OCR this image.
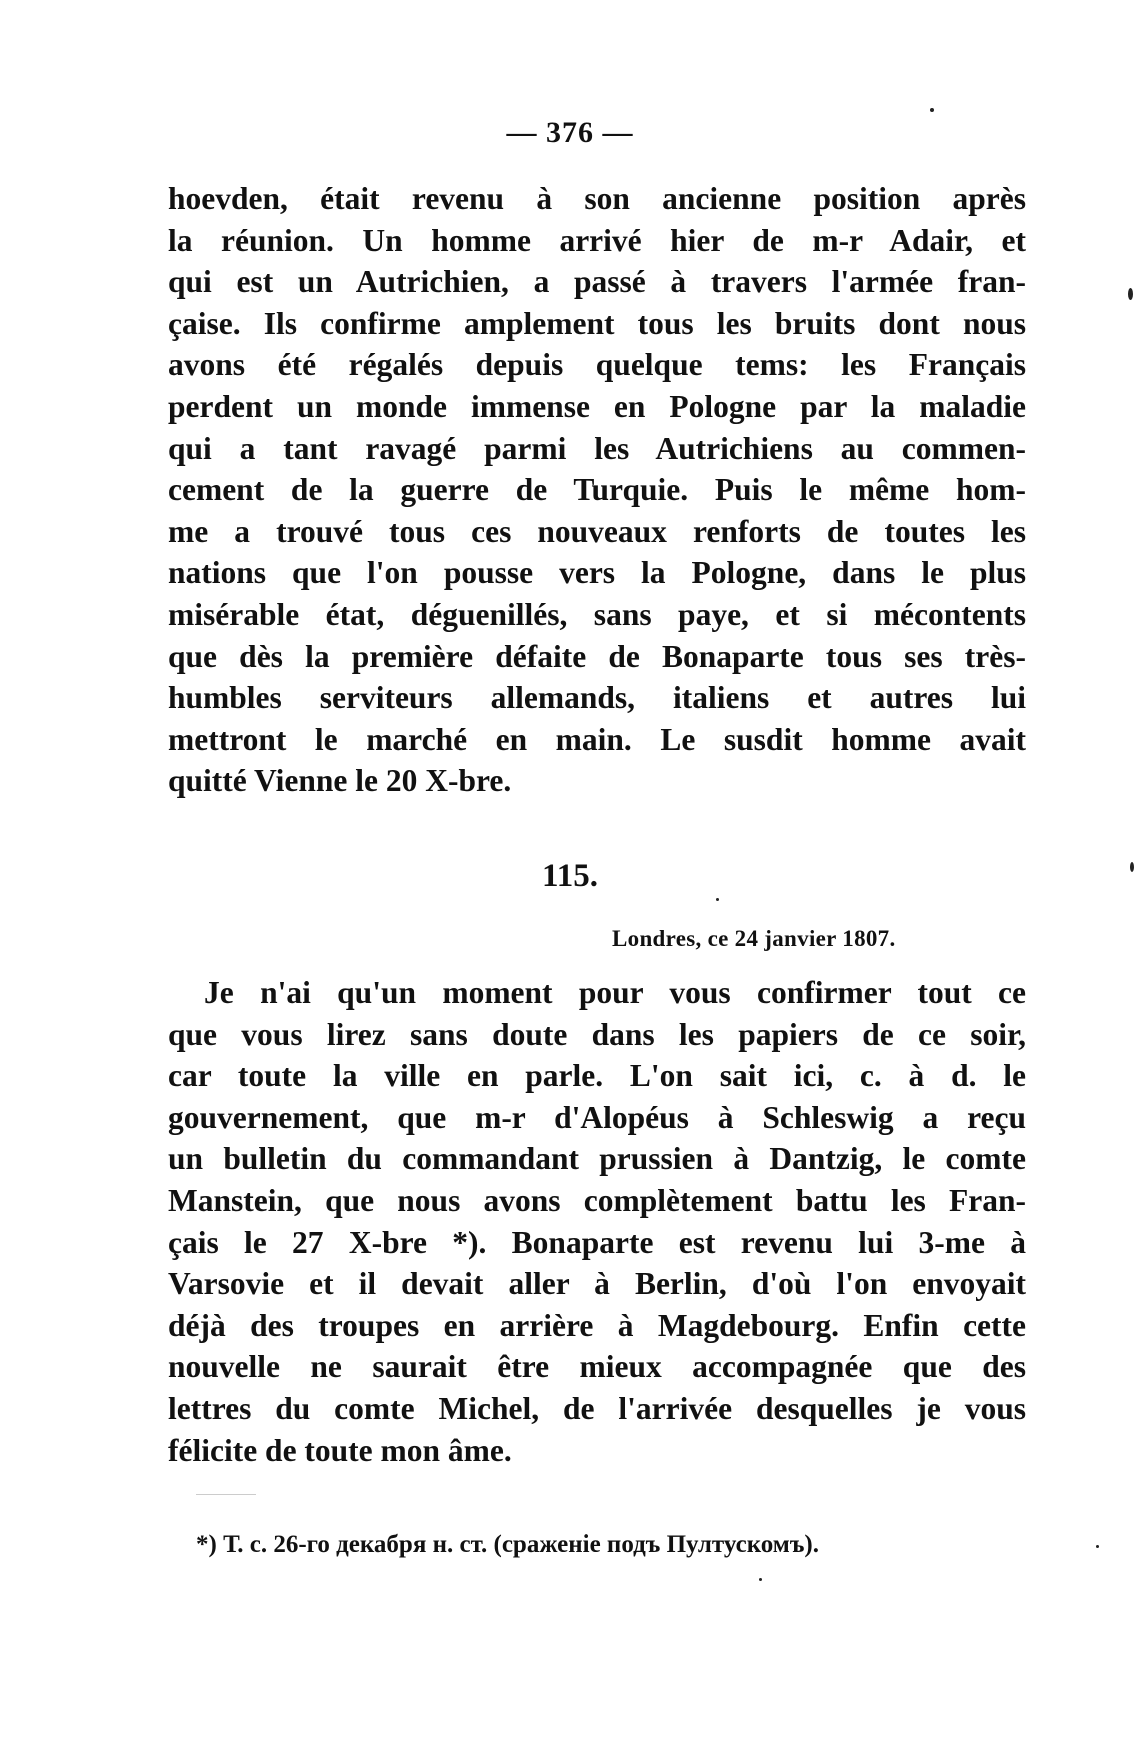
— 376 —
hoevden, était revenu à son ancienne position après
la réunion. Un homme arrivé hier de m-r Adair, et
qui est un Autrichien, a passé à travers l'armée fran-
çaise. Ils confirme amplement tous les bruits dont nous
avons été régalés depuis quelque tems: les Français
perdent un monde immense en Pologne par la maladie
qui a tant ravagé parmi les Autrichiens au commen-
cement de la guerre de Turquie. Puis le même hom-
me a trouvé tous ces nouveaux renforts de toutes les
nations que l'on pousse vers la Pologne, dans le plus
misérable état, déguenillés, sans paye, et si mécontents
que dès la première défaite de Bonaparte tous ses très-
humbles serviteurs allemands, italiens et autres lui
mettront le marché en main. Le susdit homme avait
quitté Vienne le 20 X-bre.
115.
Londres, ce 24 janvier 1807.
Je n'ai qu'un moment pour vous confirmer tout ce
que vous lirez sans doute dans les papiers de ce soir,
car toute la ville en parle. L'on sait ici, c. à d. le
gouvernement, que m-r d'Alopéus à Schleswig a reçu
un bulletin du commandant prussien à Dantzig, le comte
Manstein, que nous avons complètement battu les Fran-
çais le 27 X-bre *). Bonaparte est revenu lui 3-me à
Varsovie et il devait aller à Berlin, d'où l'on envoyait
déjà des troupes en arrière à Magdebourg. Enfin cette
nouvelle ne saurait être mieux accompagnée que des
lettres du comte Michel, de l'arrivée desquelles je vous
félicite de toute mon âme.
*) Т. с. 26-го декабря н. ст. (сраженіе подъ Пултускомъ).
